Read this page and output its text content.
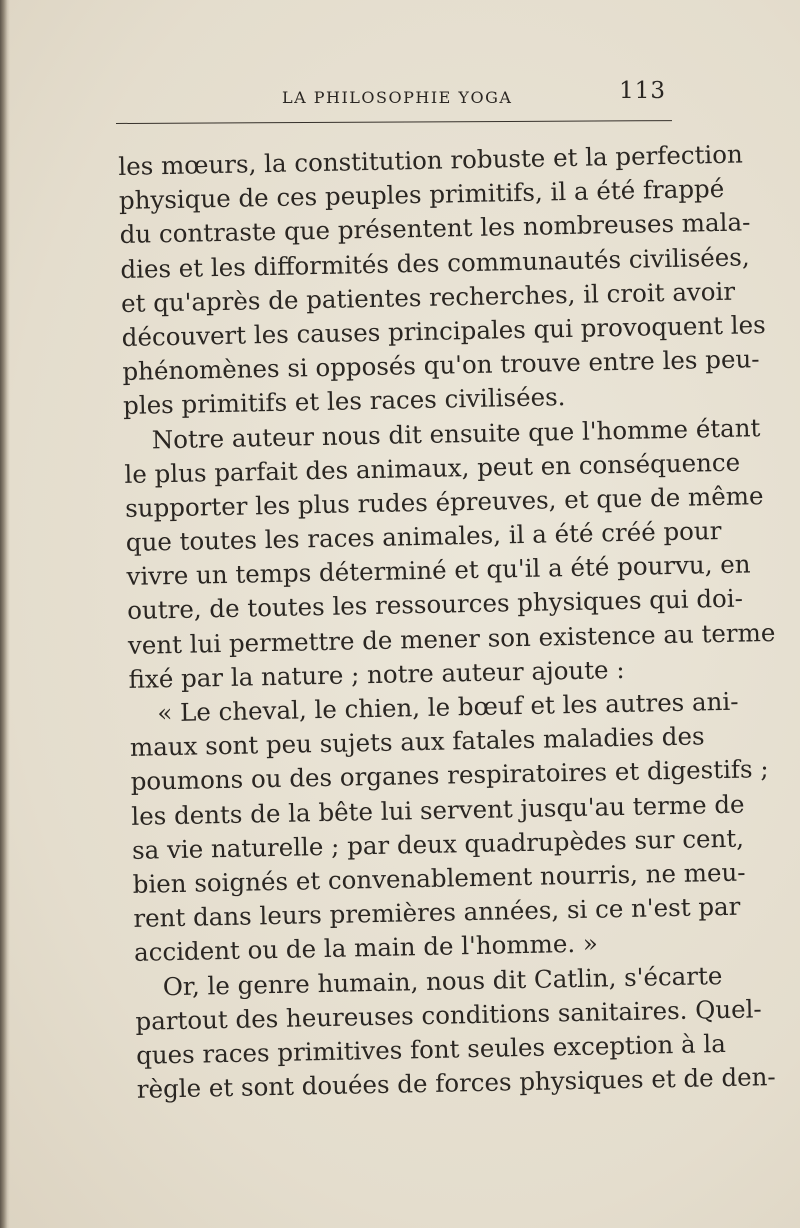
LA PHILOSOPHIE YOGA	113
les mœurs, la constitution robuste et la perfection
physique de ces peuples primitifs, il a été frappé
du contraste que présentent les nombreuses mala-
dies et les difformités des communautés civilisées,
et qu'après de patientes recherches, il croit avoir
découvert les causes principales qui provoquent les
phénomènes si opposés qu'on trouve entre les peu-
ples primitifs et les races civilisées.
Notre auteur nous dit ensuite que l'homme étant
le plus parfait des animaux, peut en conséquence
supporter les plus rudes épreuves, et que de même
que toutes les races animales, il a été créé pour
vivre un temps déterminé et qu'il a été pourvu, en
outre, de toutes les ressources physiques qui doi-
vent lui permettre de mener son existence au terme
fixé par la nature ; notre auteur ajoute :
« Le cheval, le chien, le bœuf et les autres ani-
maux sont peu sujets aux fatales maladies des
poumons ou des organes respiratoires et digestifs ;
les dents de la bête lui servent jusqu'au terme de
sa vie naturelle ; par deux quadrupèdes sur cent,
bien soignés et convenablement nourris, ne meu-
rent dans leurs premières années, si ce n'est par
accident ou de la main de l'homme. »
Or, le genre humain, nous dit Catlin, s'écarte
partout des heureuses conditions sanitaires. Quel-
ques races primitives font seules exception à la
règle et sont douées de forces physiques et de den-
